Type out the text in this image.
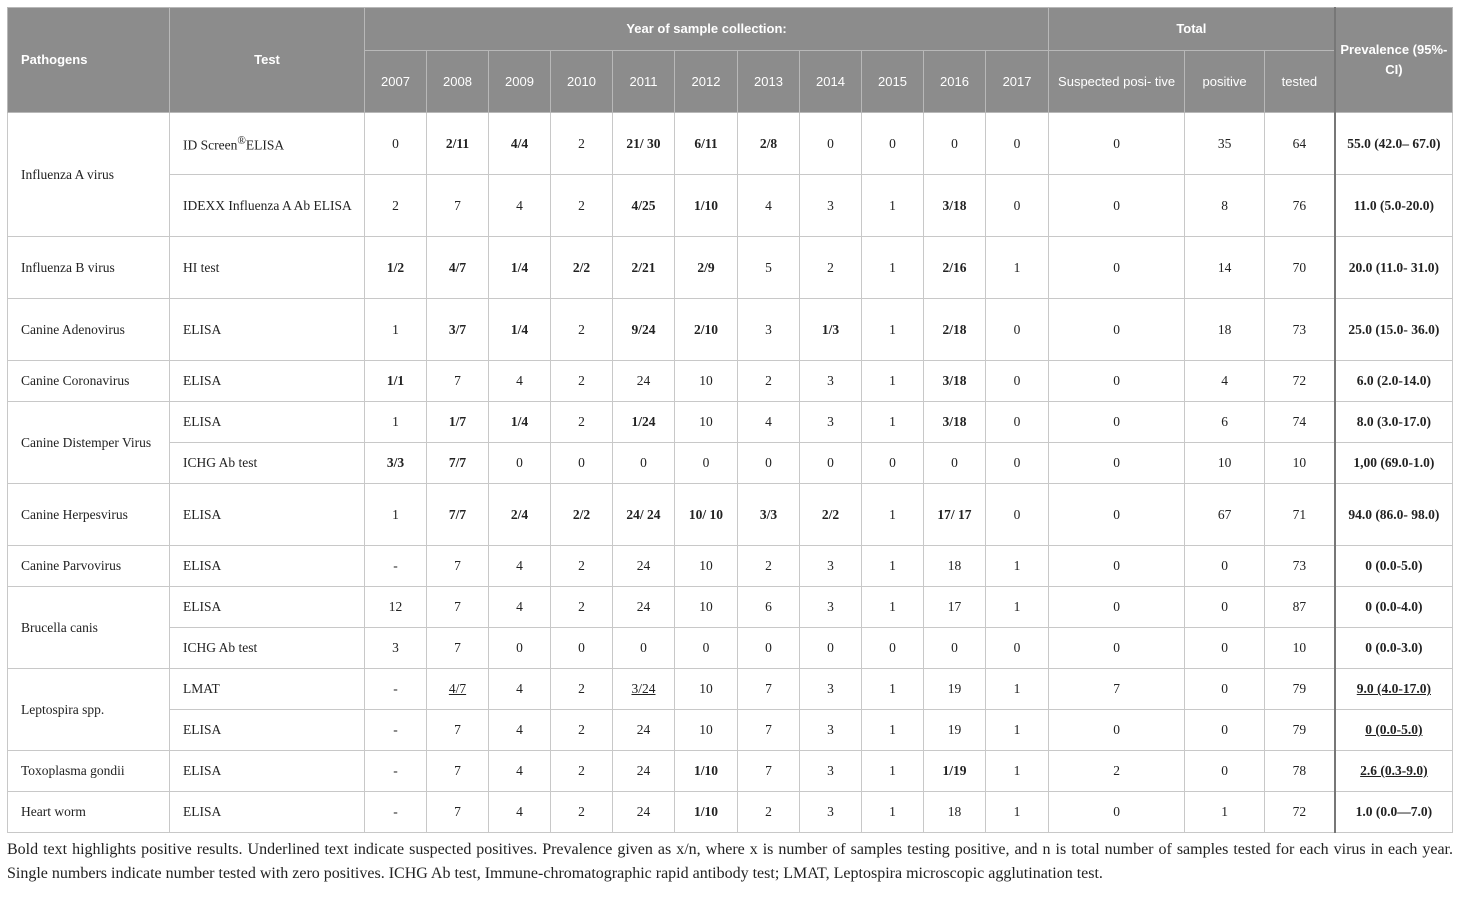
Pathogens	Test	Year of sample collection:											Total			Prevalence (95%-CI)
		2007	2008	2009	2010	2011	2012	2013	2014	2015	2016	2017	Suspected posi- tive	positive	tested	
Influenza A virus	ID Screen®ELISA	0	2/11	4/4	2	21/ 30	6/11	2/8	0	0	0	0	0	35	64	55.0 (42.0– 67.0)
	IDEXX Influenza A Ab ELISA	2	7	4	2	4/25	1/10	4	3	1	3/18	0	0	8	76	11.0 (5.0-20.0)
Influenza B virus	HI test	1/2	4/7	1/4	2/2	2/21	2/9	5	2	1	2/16	1	0	14	70	20.0 (11.0- 31.0)
Canine Adenovirus	ELISA	1	3/7	1/4	2	9/24	2/10	3	1/3	1	2/18	0	0	18	73	25.0 (15.0- 36.0)
Canine Coronavirus	ELISA	1/1	7	4	2	24	10	2	3	1	3/18	0	0	4	72	6.0 (2.0-14.0)
Canine Distemper Virus	ELISA	1	1/7	1/4	2	1/24	10	4	3	1	3/18	0	0	6	74	8.0 (3.0-17.0)
	ICHG Ab test	3/3	7/7	0	0	0	0	0	0	0	0	0	0	10	10	1,00 (69.0-1.0)
Canine Herpesvirus	ELISA	1	7/7	2/4	2/2	24/ 24	10/ 10	3/3	2/2	1	17/ 17	0	0	67	71	94.0 (86.0- 98.0)
Canine Parvovirus	ELISA	-	7	4	2	24	10	2	3	1	18	1	0	0	73	0 (0.0-5.0)
Brucella canis	ELISA	12	7	4	2	24	10	6	3	1	17	1	0	0	87	0 (0.0-4.0)
	ICHG Ab test	3	7	0	0	0	0	0	0	0	0	0	0	0	10	0 (0.0-3.0)
Leptospira spp.	LMAT	-	4/7	4	2	3/24	10	7	3	1	19	1	7	0	79	9.0 (4.0-17.0)
	ELISA	-	7	4	2	24	10	7	3	1	19	1	0	0	79	0 (0.0-5.0)
Toxoplasma gondii	ELISA	-	7	4	2	24	1/10	7	3	1	1/19	1	2	0	78	2.6 (0.3-9.0)
Heart worm	ELISA	-	7	4	2	24	1/10	2	3	1	18	1	0	1	72	1.0 (0.0—7.0)
Bold text highlights positive results. Underlined text indicate suspected positives. Prevalence given as x/n, where x is number of samples testing positive, and n is total number of samples tested for each virus in each year. Single numbers indicate number tested with zero positives. ICHG Ab test, Immune-chromatographic rapid antibody test; LMAT, Leptospira microscopic agglutination test.
